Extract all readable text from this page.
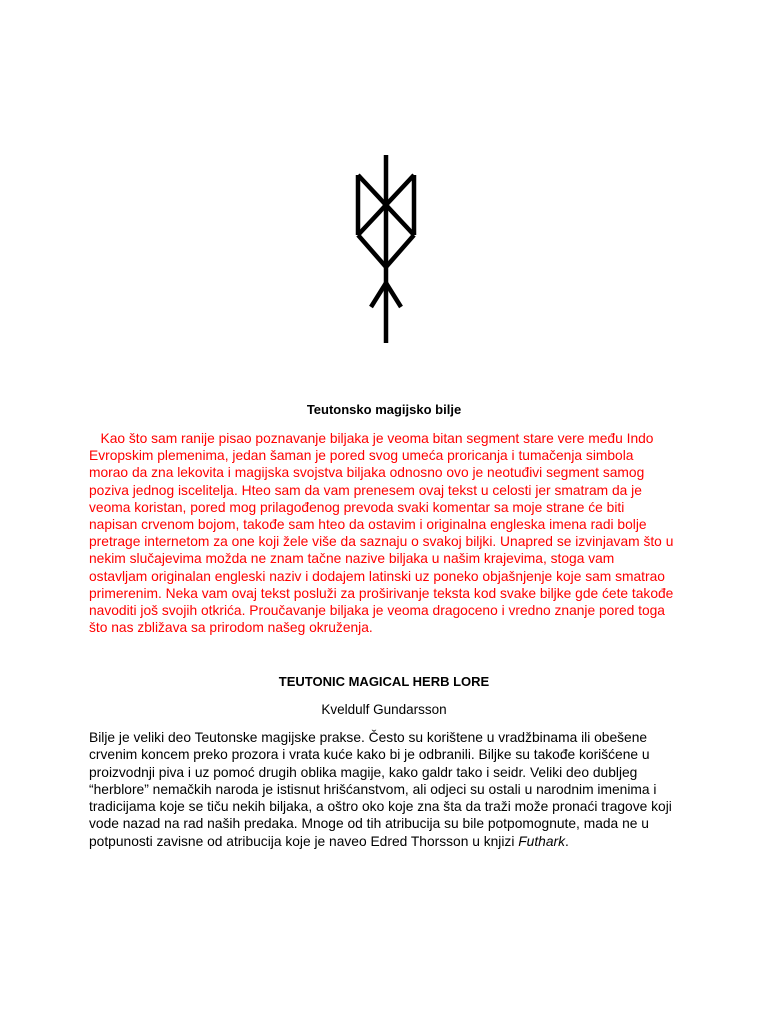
Teutonsko magijsko bilje

Kao što sam ranije pisao poznavanje biljaka je veoma bitan segment stare vere među Indo
Evropskim plemenima, jedan šaman je pored svog umeća proricanja i tumačenja simbola
morao da zna lekovita i magijska svojstva biljaka odnosno ovo je neotuđivi segment samog
poziva jednog iscelitelja. Hteo sam da vam prenesem ovaj tekst u celosti jer smatram da je
veoma koristan, pored mog prilagođenog prevoda svaki komentar sa moje strane će biti
napisan crvenom bojom, takođe sam hteo da ostavim i originalna engleska imena radi bolje
pretrage internetom za one koji žele više da saznaju o svakoj biljki. Unapred se izvinjavam što u
nekim slučajevima možda ne znam tačne nazive biljaka u našim krajevima, stoga vam
ostavljam originalan engleski naziv i dodajem latinski uz poneko objašnjenje koje sam smatrao
primerenim. Neka vam ovaj tekst posluži za proširivanje teksta kod svake biljke gde ćete takođe
navoditi još svojih otkrića. Proučavanje biljaka je veoma dragoceno i vredno znanje pored toga
što nas zbližava sa prirodom našeg okruženja.

TEUTONIC MAGICAL HERB LORE
Kveldulf Gundarsson

Bilje je veliki deo Teutonske magijske prakse. Često su korištene u vradžbinama ili obešene
crvenim koncem preko prozora i vrata kuće kako bi je odbranili. Biljke su takođe korišćene u
proizvodnji piva i uz pomoć drugih oblika magije, kako galdr tako i seidr. Veliki deo dubljeg
“herblore” nemačkih naroda je istisnut hrišćanstvom, ali odjeci su ostali u narodnim imenima i
tradicijama koje se tiču nekih biljaka, a oštro oko koje zna šta da traži može pronaći tragove koji
vode nazad na rad naših predaka. Mnoge od tih atribucija su bile potpomognute, mada ne u
potpunosti zavisne od atribucija koje je naveo Edred Thorsson u knjizi Futhark.
